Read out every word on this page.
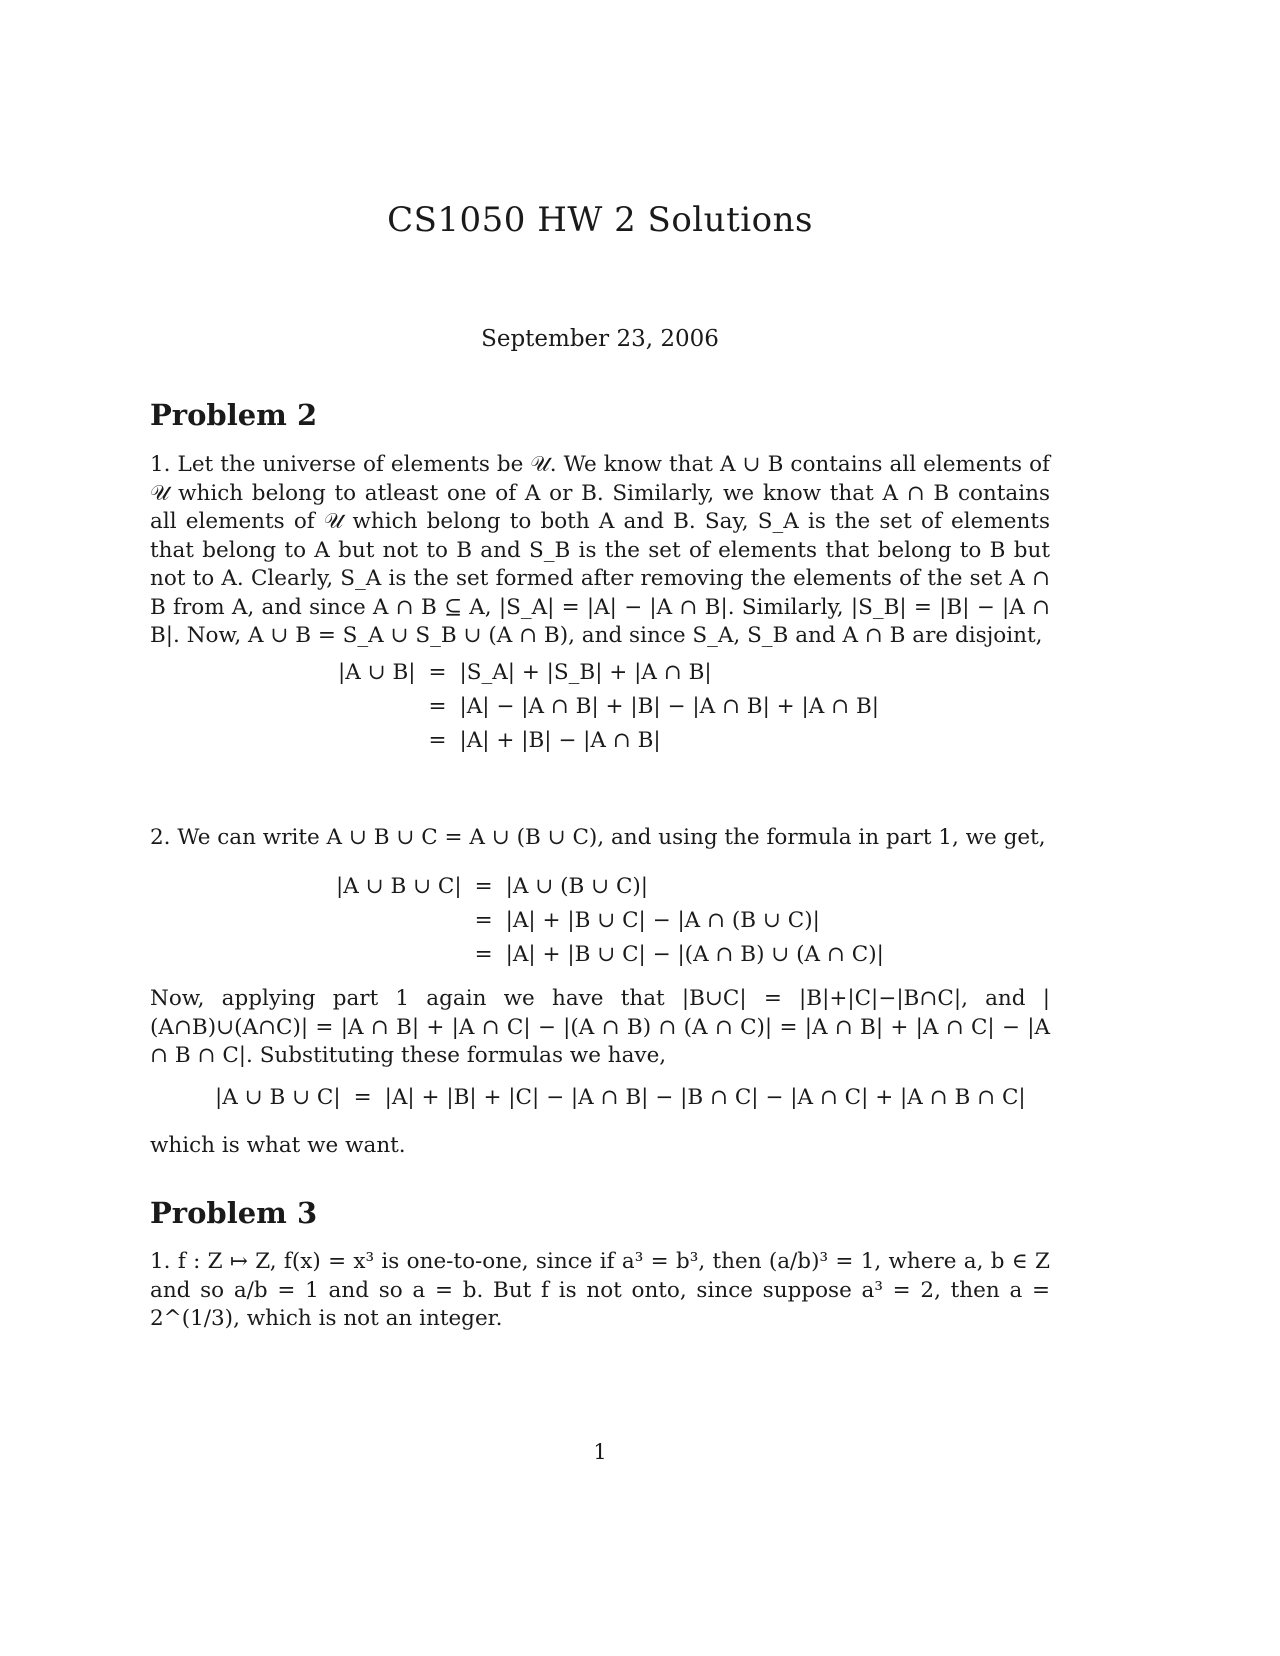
CS1050 HW 2 Solutions
September 23, 2006
Problem 2

1. Let the universe of elements be 𝒰. We know that A ∪ B contains all elements of 𝒰 which belong to atleast one of A or B. Similarly, we know that A ∩ B contains all elements of 𝒰 which belong to both A and B. Say, S_A is the set of elements that belong to A but not to B and S_B is the set of elements that belong to B but not to A. Clearly, S_A is the set formed after removing the elements of the set A ∩ B from A, and since A ∩ B ⊆ A, |S_A| = |A| − |A ∩ B|. Similarly, |S_B| = |B| − |A ∩ B|. Now, A ∪ B = S_A ∪ S_B ∪ (A ∩ B), and since S_A, S_B and A ∩ B are disjoint,

|A ∪ B|	=	|S_A| + |S_B| + |A ∩ B|
	=	|A| − |A ∩ B| + |B| − |A ∩ B| + |A ∩ B|
	=	|A| + |B| − |A ∩ B|

2. We can write A ∪ B ∪ C = A ∪ (B ∪ C), and using the formula in part 1, we get,

|A ∪ B ∪ C|	=	|A ∪ (B ∪ C)|
	=	|A| + |B ∪ C| − |A ∩ (B ∪ C)|
	=	|A| + |B ∪ C| − |(A ∩ B) ∪ (A ∩ C)|

Now, applying part 1 again we have that |B∪C| = |B|+|C|−|B∩C|, and |(A∩B)∪(A∩C)| = |A ∩ B| + |A ∩ C| − |(A ∩ B) ∩ (A ∩ C)| = |A ∩ B| + |A ∩ C| − |A ∩ B ∩ C|. Substituting these formulas we have,

|A ∪ B ∪ C|	=	|A| + |B| + |C| − |A ∩ B| − |B ∩ C| − |A ∩ C| + |A ∩ B ∩ C|

which is what we want.

Problem 3

1. f : Z ↦ Z, f(x) = x³ is one-to-one, since if a³ = b³, then (a/b)³ = 1, where a, b ∈ Z and so a/b = 1 and so a = b. But f is not onto, since suppose a³ = 2, then a = 2^(1/3), which is not an integer.

1
